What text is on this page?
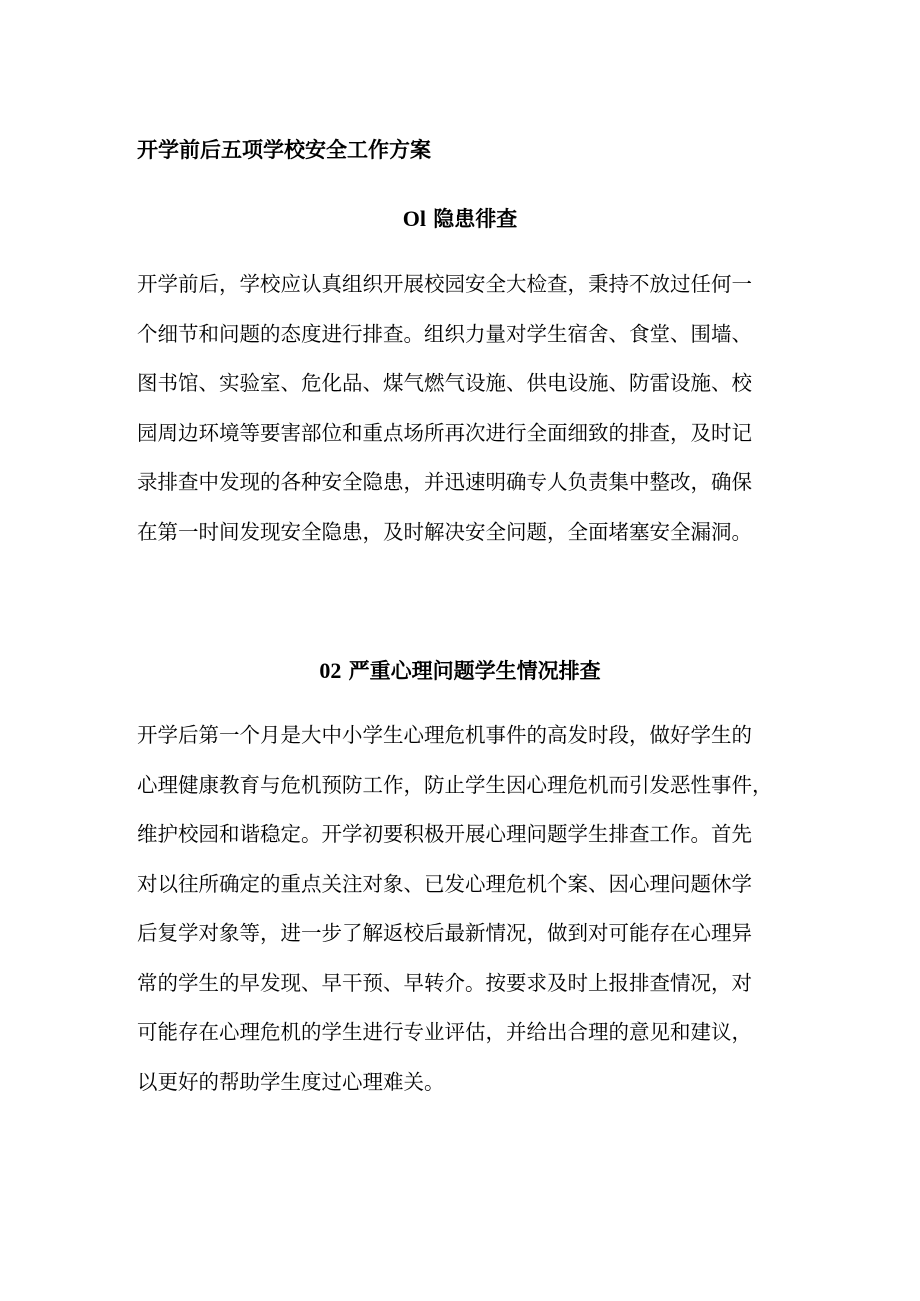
开学前后五项学校安全工作方案
Ol 隐患徘查
开学前后，学校应认真组织开展校园安全大检查，秉持不放过任何一
个细节和问题的态度进行排查。组织力量对学生宿舍、食堂、围墙、
图书馆、实验室、危化品、煤气燃气设施、供电设施、防雷设施、校
园周边环境等要害部位和重点场所再次进行全面细致的排查，及时记
录排查中发现的各种安全隐患，并迅速明确专人负责集中整改，确保
在第一时间发现安全隐患，及时解决安全问题，全面堵塞安全漏洞。
02 严重心理问题学生情况排查
开学后第一个月是大中小学生心理危机事件的高发时段，做好学生的
心理健康教育与危机预防工作，防止学生因心理危机而引发恶性事件，
维护校园和谐稳定。开学初要积极开展心理问题学生排查工作。首先
对以往所确定的重点关注对象、已发心理危机个案、因心理问题休学
后复学对象等，进一步了解返校后最新情况，做到对可能存在心理异
常的学生的早发现、早干预、早转介。按要求及时上报排查情况，对
可能存在心理危机的学生进行专业评估，并给出合理的意见和建议，
以更好的帮助学生度过心理难关。
